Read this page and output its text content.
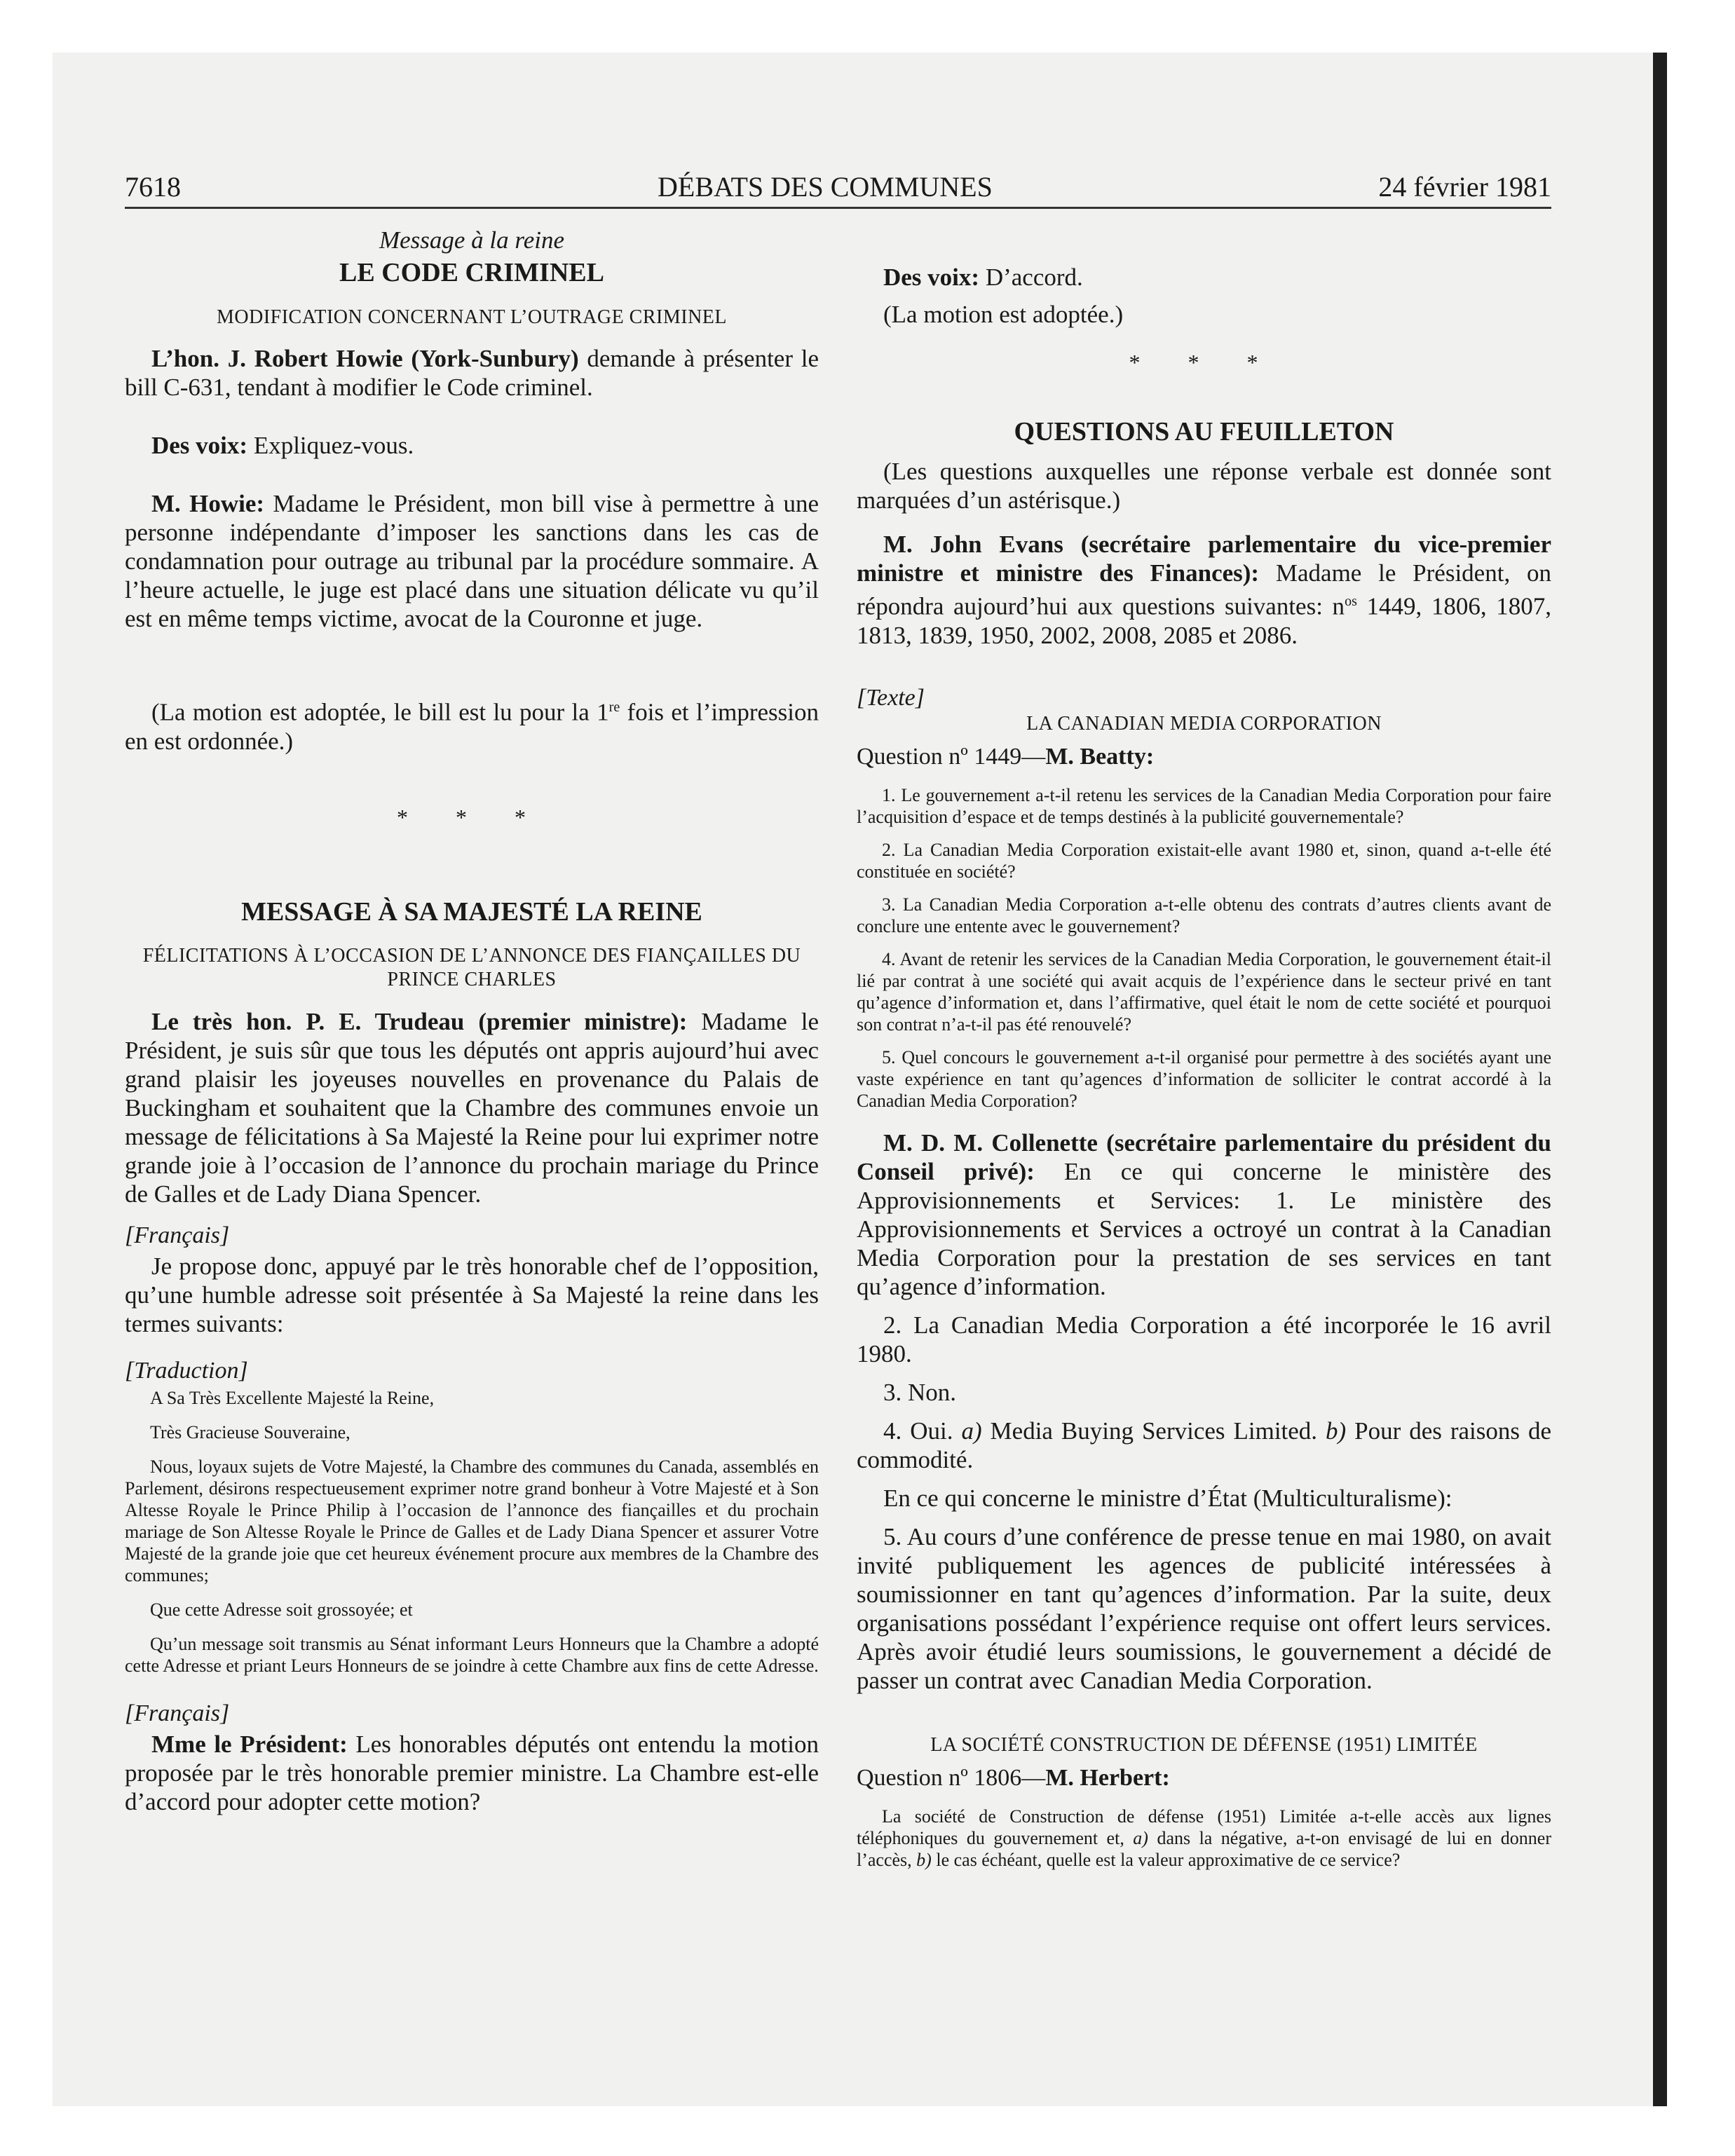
7618	DÉBATS DES COMMUNES	24 février 1981
Message à la reine
LE CODE CRIMINEL
MODIFICATION CONCERNANT L’OUTRAGE CRIMINEL

L’hon. J. Robert Howie (York-Sunbury) demande à présenter le bill C-631, tendant à modifier le Code criminel.

Des voix: Expliquez-vous.

M. Howie: Madame le Président, mon bill vise à permettre à une personne indépendante d’imposer les sanctions dans les cas de condamnation pour outrage au tribunal par la procédure sommaire. A l’heure actuelle, le juge est placé dans une situation délicate vu qu’il est en même temps victime, avocat de la Couronne et juge.

(La motion est adoptée, le bill est lu pour la 1re fois et l’impression en est ordonnée.)

* * *
MESSAGE À SA MAJESTÉ LA REINE
FÉLICITATIONS À L’OCCASION DE L’ANNONCE DES FIANÇAILLES DU PRINCE CHARLES

Le très hon. P. E. Trudeau (premier ministre): Madame le Président, je suis sûr que tous les députés ont appris aujourd’hui avec grand plaisir les joyeuses nouvelles en provenance du Palais de Buckingham et souhaitent que la Chambre des communes envoie un message de félicitations à Sa Majesté la Reine pour lui exprimer notre grande joie à l’occasion de l’annonce du prochain mariage du Prince de Galles et de Lady Diana Spencer.

[Français]

Je propose donc, appuyé par le très honorable chef de l’opposition, qu’une humble adresse soit présentée à Sa Majesté la reine dans les termes suivants:

[Traduction]

A Sa Très Excellente Majesté la Reine,

Très Gracieuse Souveraine,

Nous, loyaux sujets de Votre Majesté, la Chambre des communes du Canada, assemblés en Parlement, désirons respectueusement exprimer notre grand bonheur à Votre Majesté et à Son Altesse Royale le Prince Philip à l’occasion de l’annonce des fiançailles et du prochain mariage de Son Altesse Royale le Prince de Galles et de Lady Diana Spencer et assurer Votre Majesté de la grande joie que cet heureux événement procure aux membres de la Chambre des communes;

Que cette Adresse soit grossoyée; et

Qu’un message soit transmis au Sénat informant Leurs Honneurs que la Chambre a adopté cette Adresse et priant Leurs Honneurs de se joindre à cette Chambre aux fins de cette Adresse.

[Français]

Mme le Président: Les honorables députés ont entendu la motion proposée par le très honorable premier ministre. La Chambre est-elle d’accord pour adopter cette motion?

Des voix: D’accord.

(La motion est adoptée.)

* * *
QUESTIONS AU FEUILLETON

(Les questions auxquelles une réponse verbale est donnée sont marquées d’un astérisque.)

M. John Evans (secrétaire parlementaire du vice-premier ministre et ministre des Finances): Madame le Président, on répondra aujourd’hui aux questions suivantes: $n^{os}$ 1449, 1806, 1807, 1813, 1839, 1950, 2002, 2008, 2085 et 2086.

[Texte]
LA CANADIAN MEDIA CORPORATION
Question nº 1449—M. Beatty:

1. Le gouvernement a-t-il retenu les services de la Canadian Media Corporation pour faire l’acquisition d’espace et de temps destinés à la publicité gouvernementale?

2. La Canadian Media Corporation existait-elle avant 1980 et, sinon, quand a-t-elle été constituée en société?

3. La Canadian Media Corporation a-t-elle obtenu des contrats d’autres clients avant de conclure une entente avec le gouvernement?

4. Avant de retenir les services de la Canadian Media Corporation, le gouvernement était-il lié par contrat à une société qui avait acquis de l’expérience dans le secteur privé en tant qu’agence d’information et, dans l’affirmative, quel était le nom de cette société et pourquoi son contrat n’a-t-il pas été renouvelé?

5. Quel concours le gouvernement a-t-il organisé pour permettre à des sociétés ayant une vaste expérience en tant qu’agences d’information de solliciter le contrat accordé à la Canadian Media Corporation?

M. D. M. Collenette (secrétaire parlementaire du président du Conseil privé): En ce qui concerne le ministère des Approvisionnements et Services: 1. Le ministère des Approvisionnements et Services a octroyé un contrat à la Canadian Media Corporation pour la prestation de ses services en tant qu’agence d’information.

2. La Canadian Media Corporation a été incorporée le 16 avril 1980.

3. Non.

4. Oui. a) Media Buying Services Limited. b) Pour des raisons de commodité.

En ce qui concerne le ministre d’État (Multiculturalisme):

5. Au cours d’une conférence de presse tenue en mai 1980, on avait invité publiquement les agences de publicité intéressées à soumissionner en tant qu’agences d’information. Par la suite, deux organisations possédant l’expérience requise ont offert leurs services. Après avoir étudié leurs soumissions, le gouvernement a décidé de passer un contrat avec Canadian Media Corporation.

LA SOCIÉTÉ CONSTRUCTION DE DÉFENSE (1951) LIMITÉE
Question nº 1806—M. Herbert:

La société de Construction de défense (1951) Limitée a-t-elle accès aux lignes téléphoniques du gouvernement et, a) dans la négative, a-t-on envisagé de lui en donner l’accès, b) le cas échéant, quelle est la valeur approximative de ce service?
